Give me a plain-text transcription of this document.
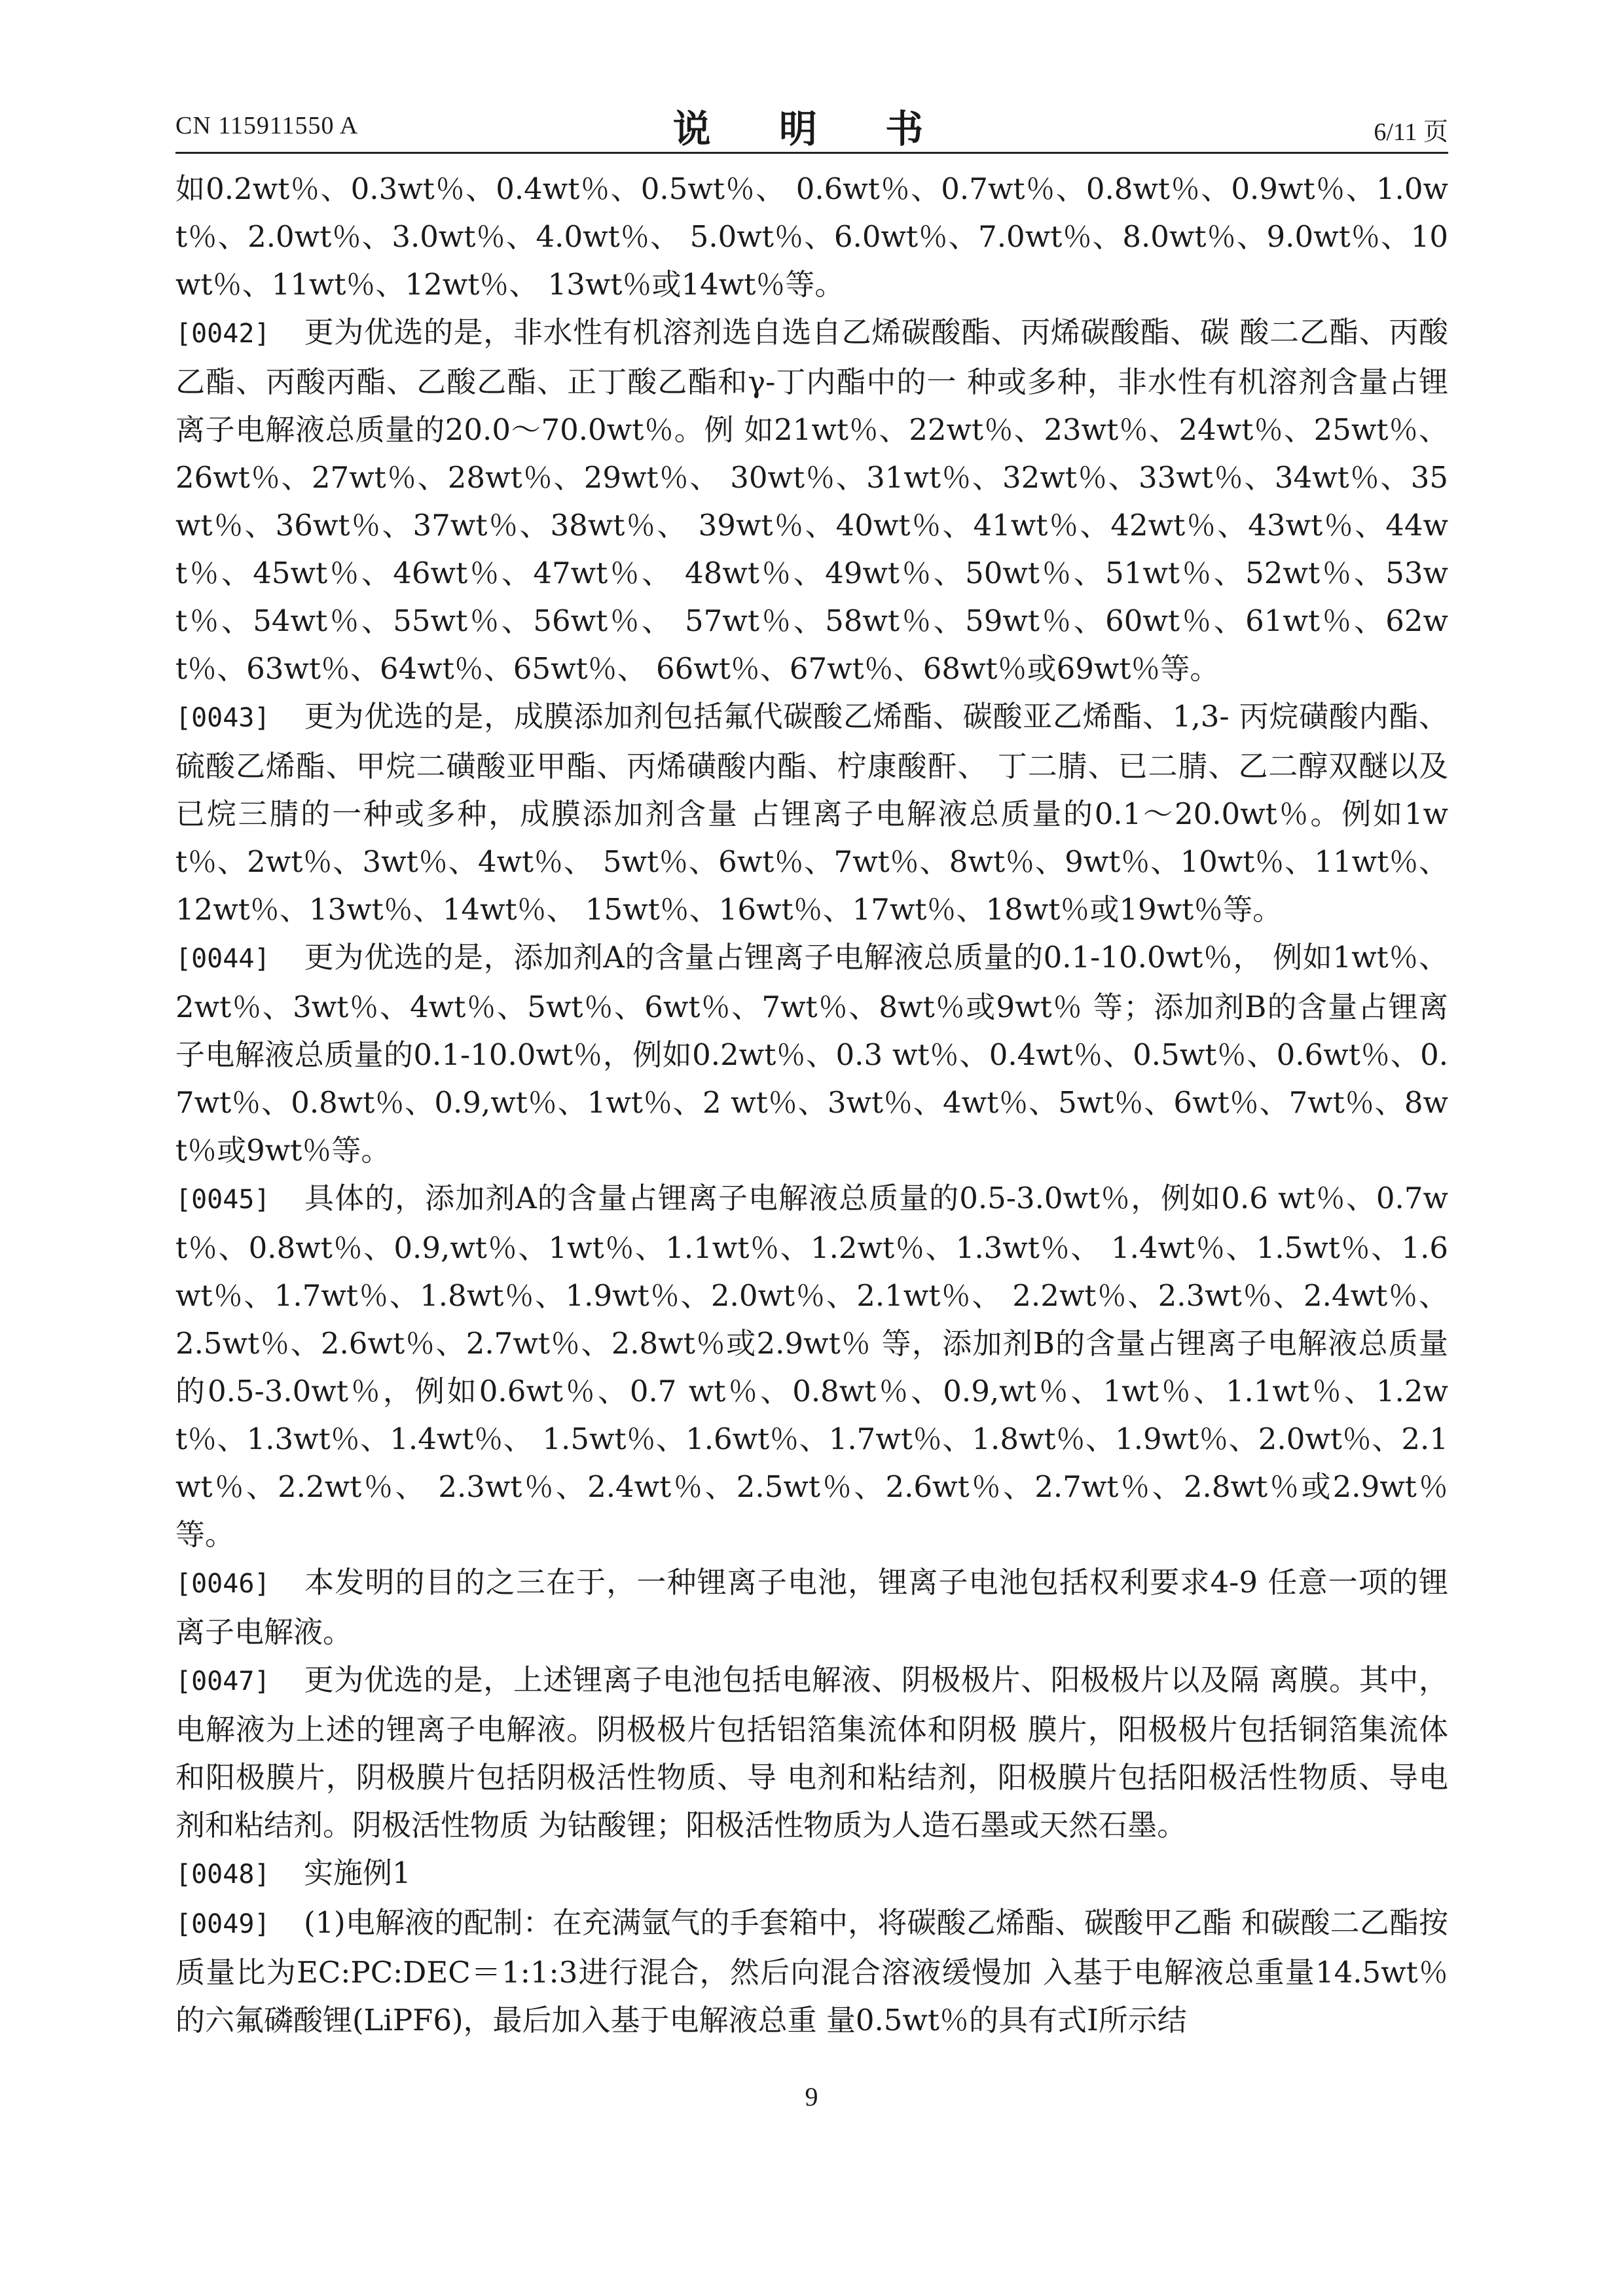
CN 115911550 A	说 明 书	6/11 页

如0.2wt％、0.3wt％、0.4wt％、0.5wt％、 0.6wt％、0.7wt％、0.8wt％、0.9wt％、1.0wt％、2.0wt％、3.0wt％、4.0wt％、 5.0wt％、6.0wt％、7.0wt％、8.0wt％、9.0wt％、10wt％、11wt％、12wt％、 13wt％或14wt％等。

[0042] 更为优选的是，非水性有机溶剂选自选自乙烯碳酸酯、丙烯碳酸酯、碳 酸二乙酯、丙酸乙酯、丙酸丙酯、乙酸乙酯、正丁酸乙酯和γ‑丁内酯中的一 种或多种，非水性有机溶剂含量占锂离子电解液总质量的20.0～70.0wt％。例 如21wt％、22wt％、23wt％、24wt％、25wt％、26wt％、27wt％、28wt％、29wt％、 30wt％、31wt％、32wt％、33wt％、34wt％、35wt％、36wt％、37wt％、38wt％、 39wt％、40wt％、41wt％、42wt％、43wt％、44wt％、45wt％、46wt％、47wt％、 48wt％、49wt％、50wt％、51wt％、52wt％、53wt％、54wt％、55wt％、56wt％、 57wt％、58wt％、59wt％、60wt％、61wt％、62wt％、63wt％、64wt％、65wt％、 66wt％、67wt％、68wt％或69wt％等。

[0043] 更为优选的是，成膜添加剂包括氟代碳酸乙烯酯、碳酸亚乙烯酯、1,3‑ 丙烷磺酸内酯、硫酸乙烯酯、甲烷二磺酸亚甲酯、丙烯磺酸内酯、柠康酸酐、 丁二腈、已二腈、乙二醇双醚以及已烷三腈的一种或多种，成膜添加剂含量 占锂离子电解液总质量的0.1～20.0wt％。例如1wt％、2wt％、3wt％、4wt％、 5wt％、6wt％、7wt％、8wt％、9wt％、10wt％、11wt％、12wt％、13wt％、14wt％、 15wt％、16wt％、17wt％、18wt％或19wt％等。

[0044] 更为优选的是，添加剂A的含量占锂离子电解液总质量的0.1‑10.0wt％， 例如1wt％、2wt％、3wt％、4wt％、5wt％、6wt％、7wt％、8wt％或9wt％ 等；添加剂B的含量占锂离子电解液总质量的0.1‑10.0wt％，例如0.2wt％、0.3 wt％、0.4wt％、0.5wt％、0.6wt％、0.7wt％、0.8wt％、0.9,wt％、1wt％、2 wt％、3wt％、4wt％、5wt％、6wt％、7wt％、8wt％或9wt％等。

[0045] 具体的，添加剂A的含量占锂离子电解液总质量的0.5‑3.0wt％，例如0.6 wt％、0.7wt％、0.8wt％、0.9,wt％、1wt％、1.1wt％、1.2wt％、1.3wt％、 1.4wt％、1.5wt％、1.6wt％、1.7wt％、1.8wt％、1.9wt％、2.0wt％、2.1wt％、 2.2wt％、2.3wt％、2.4wt％、2.5wt％、2.6wt％、2.7wt％、2.8wt％或2.9wt％ 等，添加剂B的含量占锂离子电解液总质量的0.5‑3.0wt％，例如0.6wt％、0.7 wt％、0.8wt％、0.9,wt％、1wt％、1.1wt％、1.2wt％、1.3wt％、1.4wt％、 1.5wt％、1.6wt％、1.7wt％、1.8wt％、1.9wt％、2.0wt％、2.1wt％、2.2wt％、 2.3wt％、2.4wt％、2.5wt％、2.6wt％、2.7wt％、2.8wt％或2.9wt％等。

[0046] 本发明的目的之三在于，一种锂离子电池，锂离子电池包括权利要求4‑9 任意一项的锂离子电解液。

[0047] 更为优选的是，上述锂离子电池包括电解液、阴极极片、阳极极片以及隔 离膜。其中，电解液为上述的锂离子电解液。阴极极片包括铝箔集流体和阴极 膜片，阳极极片包括铜箔集流体和阳极膜片，阴极膜片包括阴极活性物质、导 电剂和粘结剂，阳极膜片包括阳极活性物质、导电剂和粘结剂。阴极活性物质 为钴酸锂；阳极活性物质为人造石墨或天然石墨。

[0048] 实施例1

[0049] (1)电解液的配制：在充满氩气的手套箱中，将碳酸乙烯酯、碳酸甲乙酯 和碳酸二乙酯按质量比为EC:PC:DEC＝1:1:3进行混合，然后向混合溶液缓慢加 入基于电解液总重量14.5wt％的六氟磷酸锂(LiPF6)，最后加入基于电解液总重 量0.5wt％的具有式I所示结

9
